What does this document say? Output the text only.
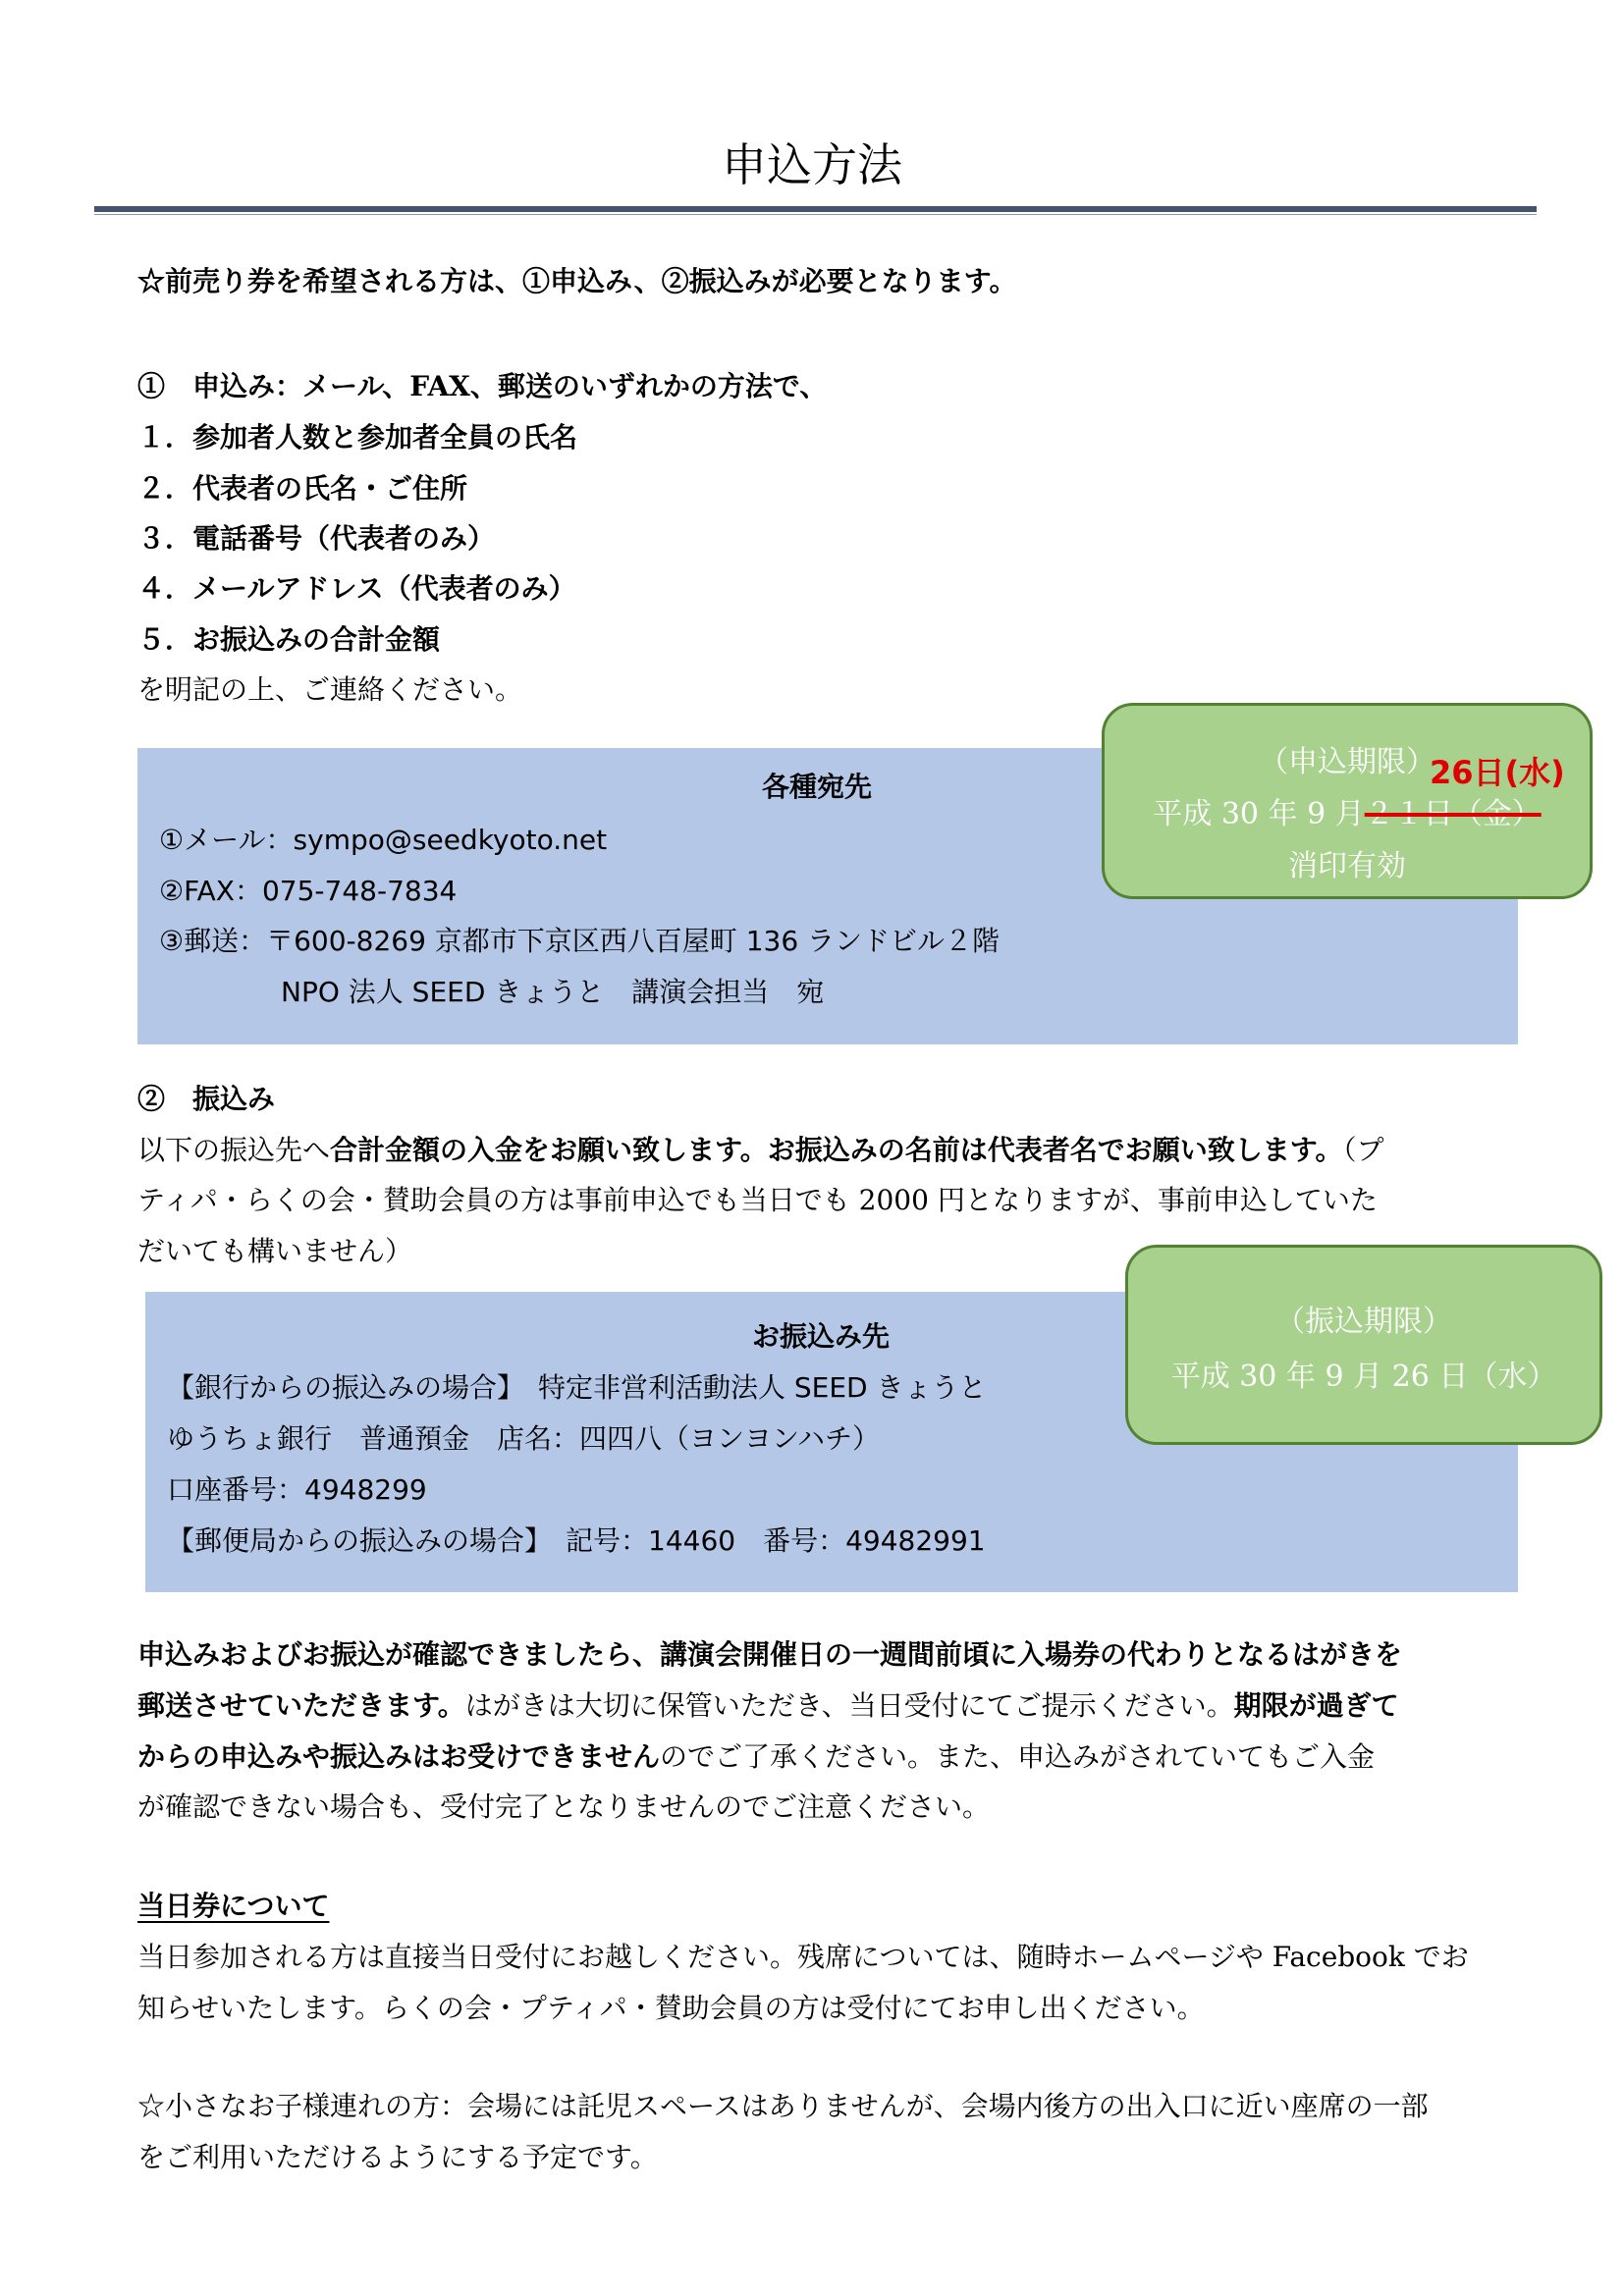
申込方法
☆前売り券を希望される方は、①申込み、②振込みが必要となります。
①　申込み：メール、FAX、郵送のいずれかの方法で、
１．参加者人数と参加者全員の氏名
２．代表者の氏名・ご住所
３．電話番号（代表者のみ）
４．メールアドレス（代表者のみ）
５．お振込みの合計金額
を明記の上、ご連絡ください。
各種宛先
①メール：sympo@seedkyoto.net
②FAX：075-748-7834
③郵送：〒600-8269 京都市下京区西八百屋町 136 ランドビル２階
NPO 法人 SEED きょうと　講演会担当　宛
（申込期限）
平成 30 年 9 月２１日（金）
消印有効
26日(水)
②　振込み
以下の振込先へ合計金額の入金をお願い致します。お振込みの名前は代表者名でお願い致します。（プ
ティパ・らくの会・賛助会員の方は事前申込でも当日でも 2000 円となりますが、事前申込していた
だいても構いません）
お振込み先
【銀行からの振込みの場合】　特定非営利活動法人 SEED きょうと
ゆうちょ銀行　普通預金　店名：四四八（ヨンヨンハチ）
口座番号：4948299
【郵便局からの振込みの場合】　記号：14460　番号：49482991
（振込期限）
平成 30 年 9 月 26 日（水）
申込みおよびお振込が確認できましたら、講演会開催日の一週間前頃に入場券の代わりとなるはがきを
郵送させていただきます。はがきは大切に保管いただき、当日受付にてご提示ください。期限が過ぎて
からの申込みや振込みはお受けできませんのでご了承ください。また、申込みがされていてもご入金
が確認できない場合も、受付完了となりませんのでご注意ください。
当日券について
当日参加される方は直接当日受付にお越しください。残席については、随時ホームページや Facebook でお
知らせいたします。らくの会・プティパ・賛助会員の方は受付にてお申し出ください。
☆小さなお子様連れの方：会場には託児スペースはありませんが、会場内後方の出入口に近い座席の一部
をご利用いただけるようにする予定です。
